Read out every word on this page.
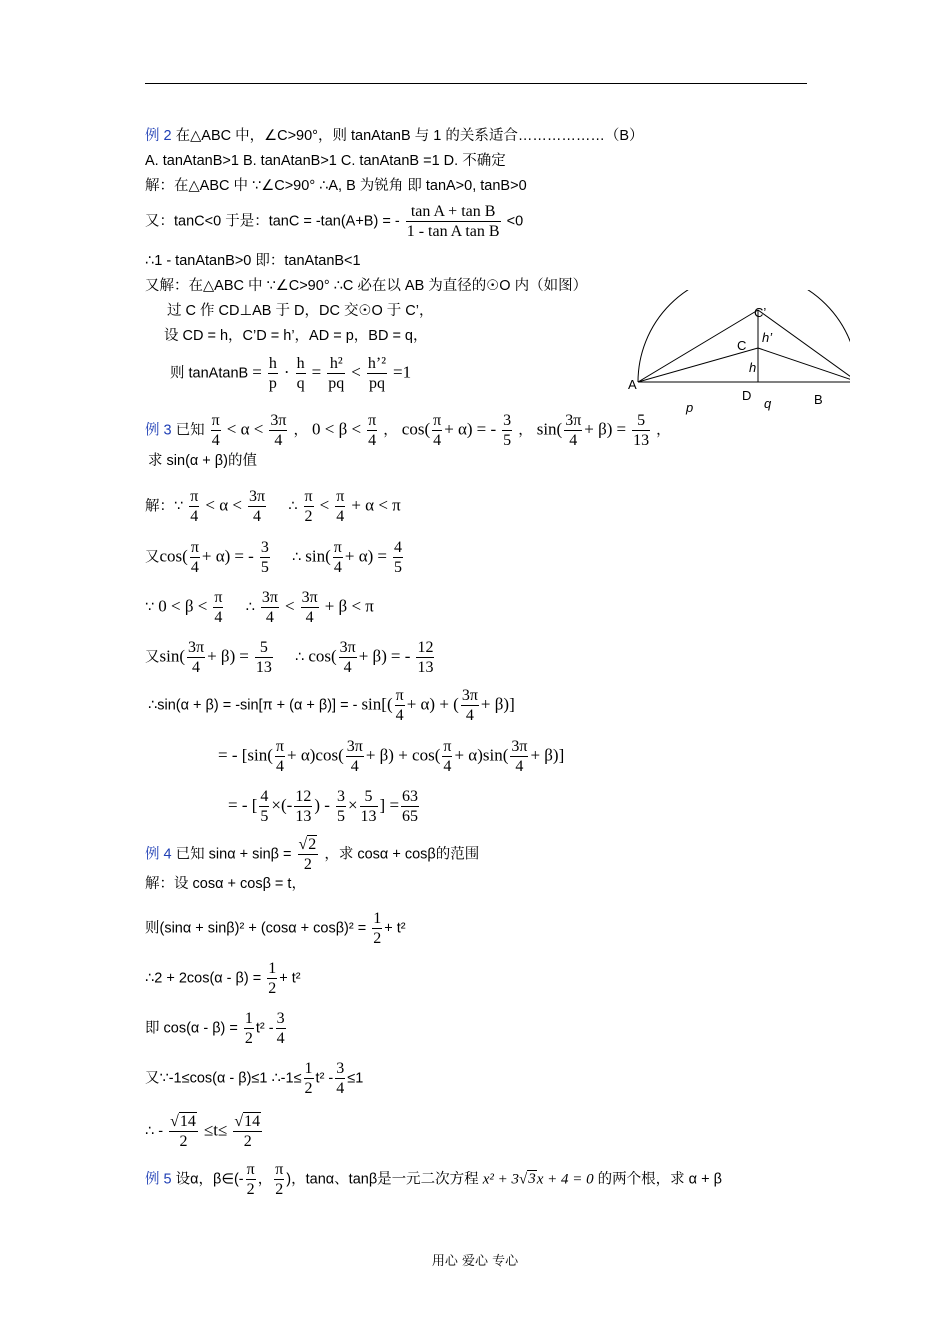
例 2 在△ABC 中，∠C>90°，则 tanAtanB 与 1 的关系适合………………（B）
A. tanAtanB>1 B. tanAtanB>1 C. tanAtanB =1 D. 不确定
解：在△ABC 中 ∵∠C>90° ∴A, B 为锐角 即 tanA>0, tanB>0
又：tanC<0 于是：tanC = -tan(A+B) = - $\frac{\text{tan A + tan B}}{\text{1 - tan A tan B}} <0$
∴1 - tanAtanB>0 即：tanAtanB<1
又解：在△ABC 中 ∵∠C>90° ∴C 必在以 AB 为直径的☉O 内（如图）
过 C 作 CD⊥AB 于 D，DC 交☉O 于 C’，
设 CD = h，C’D = h’，AD = p，BD = q，
则 tanAtanB = $\frac{h}{p} \cdot \frac{h}{q} = \frac{\text{h²}}{pq} < \frac{\text{h’²}}{pq} =1$
A
B
C
C’
D
h’
h
p	q
例 3 已知 $\frac{\pi}{4} < \alpha < \frac{3\pi}{4}$ ， $0 < \beta < \frac{\pi}{4}$ ， $\cos( \frac{\pi}{4} + \alpha)$ = - $\frac{3}{5}$ ， $\sin( \frac{3\pi}{4} + \beta) = \frac{5}{13}$ ，
求 sin(α + β)的值
解：∵ $\frac{\pi}{4} < \alpha < \frac{3\pi}{4}$ ∴ $\frac{\pi}{2} < \frac{\pi}{4} + \alpha < \pi$
又$\cos( \frac{\pi}{4} + \alpha)$ = - $\frac{3}{5}$ ∴ $\sin( \frac{\pi}{4} + \alpha) = \frac{4}{5}$
∵ $0 < \beta < \frac{\pi}{4}$ ∴ $\frac{3\pi}{4} < \frac{3\pi}{4} + \beta < \pi$
又$\sin( \frac{3\pi}{4} + \beta) = \frac{5}{13}$ ∴ $\cos( \frac{3\pi}{4} + \beta)$ = - $\frac{12}{13}$
∴sin(α + β) = -sin[π + (α + β)] = - $\sin[( \frac{\pi}{4} + \alpha)$ + ( $\frac{3\pi}{4} + \beta$)]
= - $[\sin( \frac{\pi}{4} + \alpha)\cos( \frac{3\pi}{4} + \beta) + \cos( \frac{\pi}{4} + \alpha)\sin( \frac{3\pi}{4} + \beta)]$
= - [ $\frac{4}{5}$ ×(- $\frac{12}{13}$ ) - $\frac{3}{5} \times \frac{5}{13}$ ] = $\frac{63}{65}$
例 4 已知 $\sin\alpha + \sin\beta = \frac{√2}{2}$ ，求 cosα + cosβ的范围
解：设 cosα + cosβ = t，
则$(\sin\alpha + \sin\beta)^2 + (\cos\alpha + \cos\beta)^2 = \frac{1}{2} + t^2$
∴2 + $2\cos(\alpha - \beta) = \frac{1}{2} + t^2$
即 $\cos(\alpha - \beta) = \frac{1}{2} t^2 - \frac{3}{4}$
又∵-1≤cos(α - β)≤1 ∴-1≤ $\frac{1}{2} t^2 - \frac{3}{4} \le 1$
∴ - $\frac{√14}{2} \le t\le \frac{√14}{2}$
例 5 设α，β∈(- $\frac{\pi}{2}$ ， $\frac{\pi}{2}$ )，tanα、tanβ是一元二次方程 x² + 3√3x + 4 = 0 的两个根，求 α + β
用心 爱心 专心
